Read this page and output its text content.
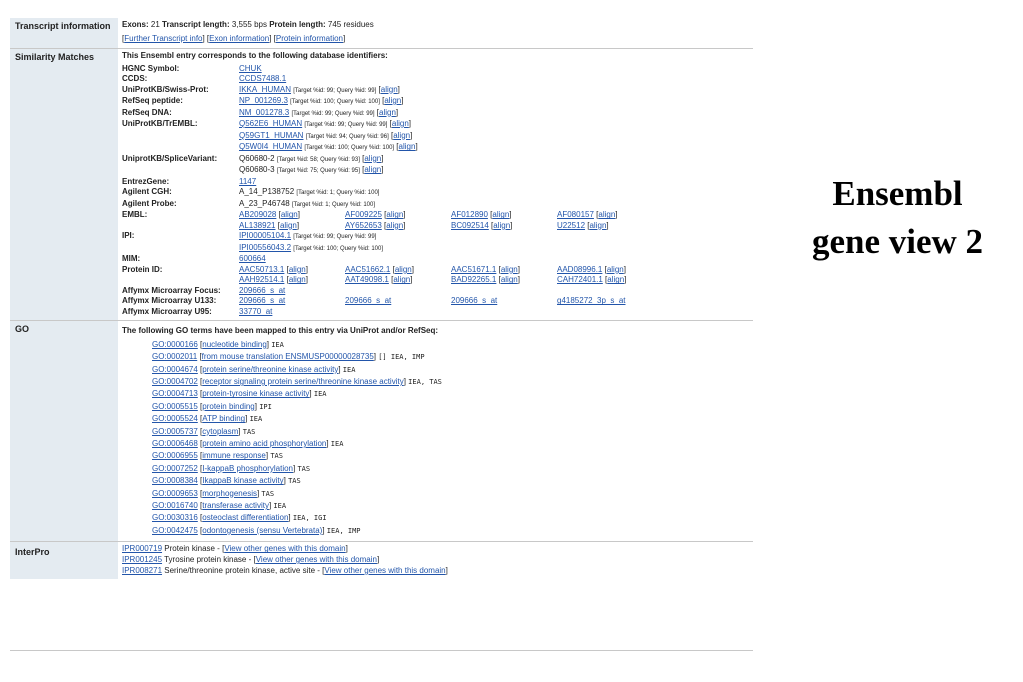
Transcript information	Exons: 21 Transcript length: 3,555 bps Protein length: 745 residues
[Further Transcript info] [Exon information] [Protein information]
Similarity Matches	This Ensembl entry corresponds to the following database identifiers:
HGNC Symbol:	CHUK
CCDS:	CCDS7488.1
UniProtKB/Swiss-Prot:	IKKA_HUMAN [Target %id: 99; Query %id: 99] [align]
RefSeq peptide:	NP_001269.3 [Target %id: 100; Query %id: 100] [align]
RefSeq DNA:	NM_001278.3 [Target %id: 99; Query %id: 99] [align]
UniProtKB/TrEMBL:	Q562E6_HUMAN [Target %id: 99; Query %id: 99] [align]
Q59GT1_HUMAN [Target %id: 94; Query %id: 96] [align]
Q5W0I4_HUMAN [Target %id: 100; Query %id: 100] [align]
UniprotKB/SpliceVariant:	Q60680-2 [Target %id: 58; Query %id: 93] [align]
Q60680-3 [Target %id: 75; Query %id: 95] [align]
EntrezGene:	1147
Agilent CGH:	A_14_P138752 [Target %id: 1; Query %id: 100]
Agilent Probe:	A_23_P46748 [Target %id: 1; Query %id: 100]
EMBL:	AB209028 [align]	AF009225 [align]	AF012890 [align]	AF080157 [align]
AL138921 [align]	AY652653 [align]	BC092514 [align]	U22512 [align]
IPI:	IPI00005104.1 [Target %id: 99; Query %id: 99]
IPI00556043.2 [Target %id: 100; Query %id: 100]
MIM:	600664
Protein ID:	AAC50713.1 [align]	AAC51662.1 [align]	AAC51671.1 [align]	AAD08996.1 [align]
AAH92514.1 [align]	AAT49098.1 [align]	BAD92265.1 [align]	CAH72401.1 [align]
Affymx Microarray Focus:	209666_s_at
Affymx Microarray U133:	209666_s_at	209666_s_at	209666_s_at	g4185272_3p_s_at
Affymx Microarray U95:	33770_at
GO	The following GO terms have been mapped to this entry via UniProt and/or RefSeq:
GO:0000166 [nucleotide binding] IEA
GO:0002011 [from mouse translation ENSMUSP00000028735] [] IEA, IMP
GO:0004674 [protein serine/threonine kinase activity] IEA
GO:0004702 [receptor signaling protein serine/threonine kinase activity] IEA, TAS
GO:0004713 [protein-tyrosine kinase activity] IEA
GO:0005515 [protein binding] IPI
GO:0005524 [ATP binding] IEA
GO:0005737 [cytoplasm] TAS
GO:0006468 [protein amino acid phosphorylation] IEA
GO:0006955 [immune response] TAS
GO:0007252 [I-kappaB phosphorylation] TAS
GO:0008384 [IkappaB kinase activity] TAS
GO:0009653 [morphogenesis] TAS
GO:0016740 [transferase activity] IEA
GO:0030316 [osteoclast differentiation] IEA, IGI
GO:0042475 [odontogenesis (sensu Vertebrata)] IEA, IMP
InterPro	IPR000719 Protein kinase - [View other genes with this domain]
IPR001245 Tyrosine protein kinase - [View other genes with this domain]
IPR008271 Serine/threonine protein kinase, active site - [View other genes with this domain]
Ensembl
gene view 2
